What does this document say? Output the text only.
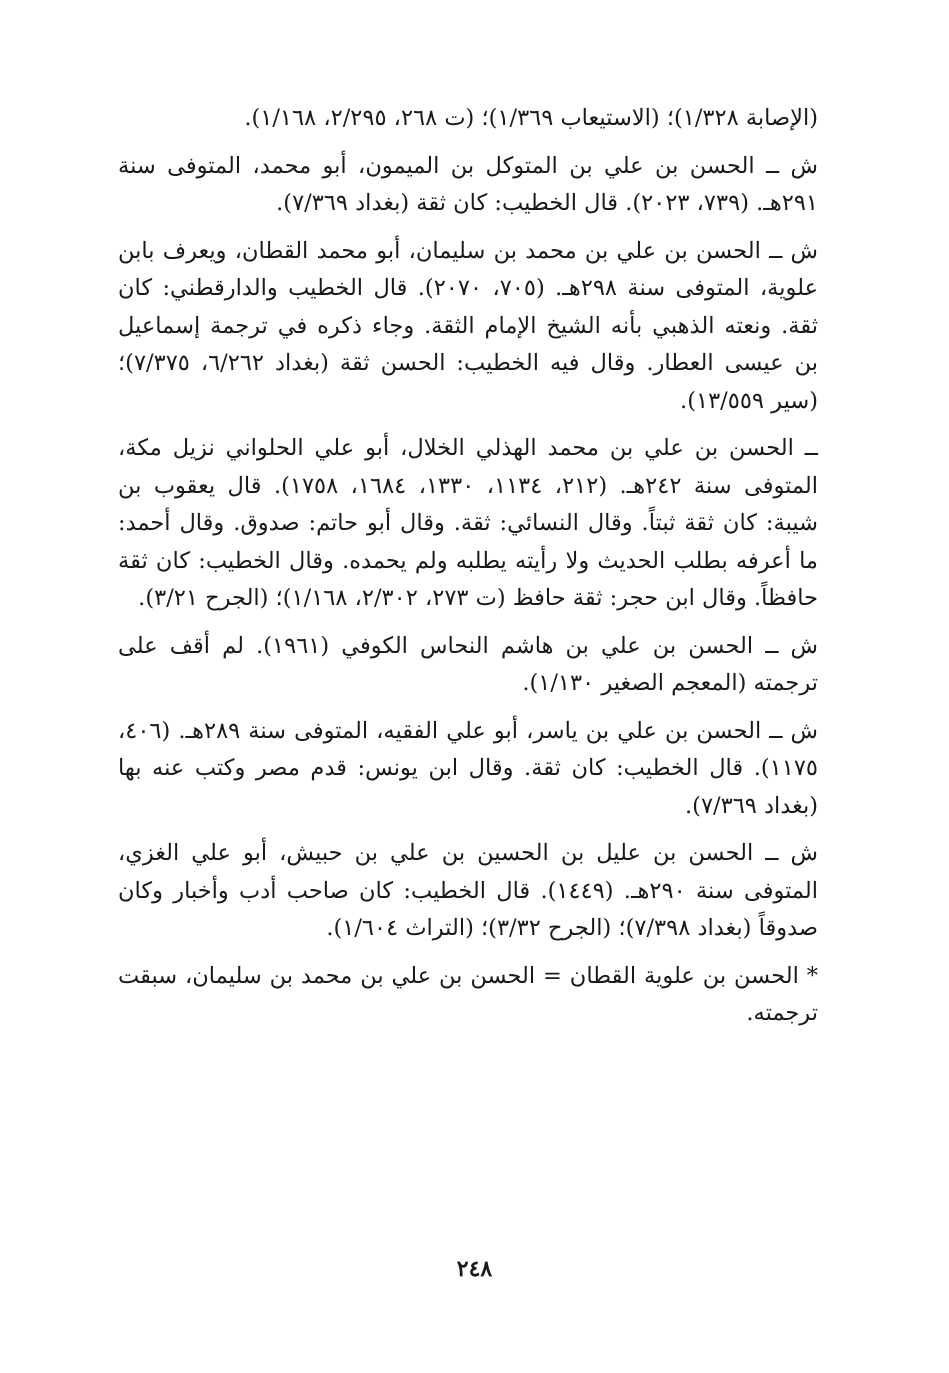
(الإصابة ١/٣٢٨)؛ (الاستيعاب ١/٣٦٩)؛ (ت ٢٦٨، ٢/٢٩٥، ١/١٦٨).

ش ــ الحسن بن علي بن المتوكل بن الميمون، أبو محمد، المتوفى سنة ٢٩١هـ. (٧٣٩، ٢٠٢٣). قال الخطيب: كان ثقة (بغداد ٧/٣٦٩).

ش ــ الحسن بن علي بن محمد بن سليمان، أبو محمد القطان، ويعرف بابن علوية، المتوفى سنة ٢٩٨هـ. (٧٠٥، ٢٠٧٠). قال الخطيب والدارقطني: كان ثقة. ونعته الذهبي بأنه الشيخ الإمام الثقة. وجاء ذكره في ترجمة إسماعيل بن عيسى العطار. وقال فيه الخطيب: الحسن ثقة (بغداد ٦/٢٦٢، ٧/٣٧٥)؛ (سير ١٣/٥٥٩).

ــ الحسن بن علي بن محمد الهذلي الخلال، أبو علي الحلواني نزيل مكة، المتوفى سنة ٢٤٢هـ. (٢١٢، ١١٣٤، ١٣٣٠، ١٦٨٤، ١٧٥٨). قال يعقوب بن شيبة: كان ثقة ثبتاً. وقال النسائي: ثقة. وقال أبو حاتم: صدوق. وقال أحمد: ما أعرفه بطلب الحديث ولا رأيته يطلبه ولم يحمده. وقال الخطيب: كان ثقة حافظاً. وقال ابن حجر: ثقة حافظ (ت ٢٧٣، ٢/٣٠٢، ١/١٦٨)؛ (الجرح ٣/٢١).

ش ــ الحسن بن علي بن هاشم النحاس الكوفي (١٩٦١). لم أقف على ترجمته (المعجم الصغير ١/١٣٠).

ش ــ الحسن بن علي بن ياسر، أبو علي الفقيه، المتوفى سنة ٢٨٩هـ. (٤٠٦، ١١٧٥). قال الخطيب: كان ثقة. وقال ابن يونس: قدم مصر وكتب عنه بها (بغداد ٧/٣٦٩).

ش ــ الحسن بن عليل بن الحسين بن علي بن حبيش، أبو علي الغزي، المتوفى سنة ٢٩٠هـ. (١٤٤٩). قال الخطيب: كان صاحب أدب وأخبار وكان صدوقاً (بغداد ٧/٣٩٨)؛ (الجرح ٣/٣٢)؛ (التراث ١/٦٠٤).

* الحسن بن علوية القطان = الحسن بن علي بن محمد بن سليمان، سبقت ترجمته.

٢٤٨
